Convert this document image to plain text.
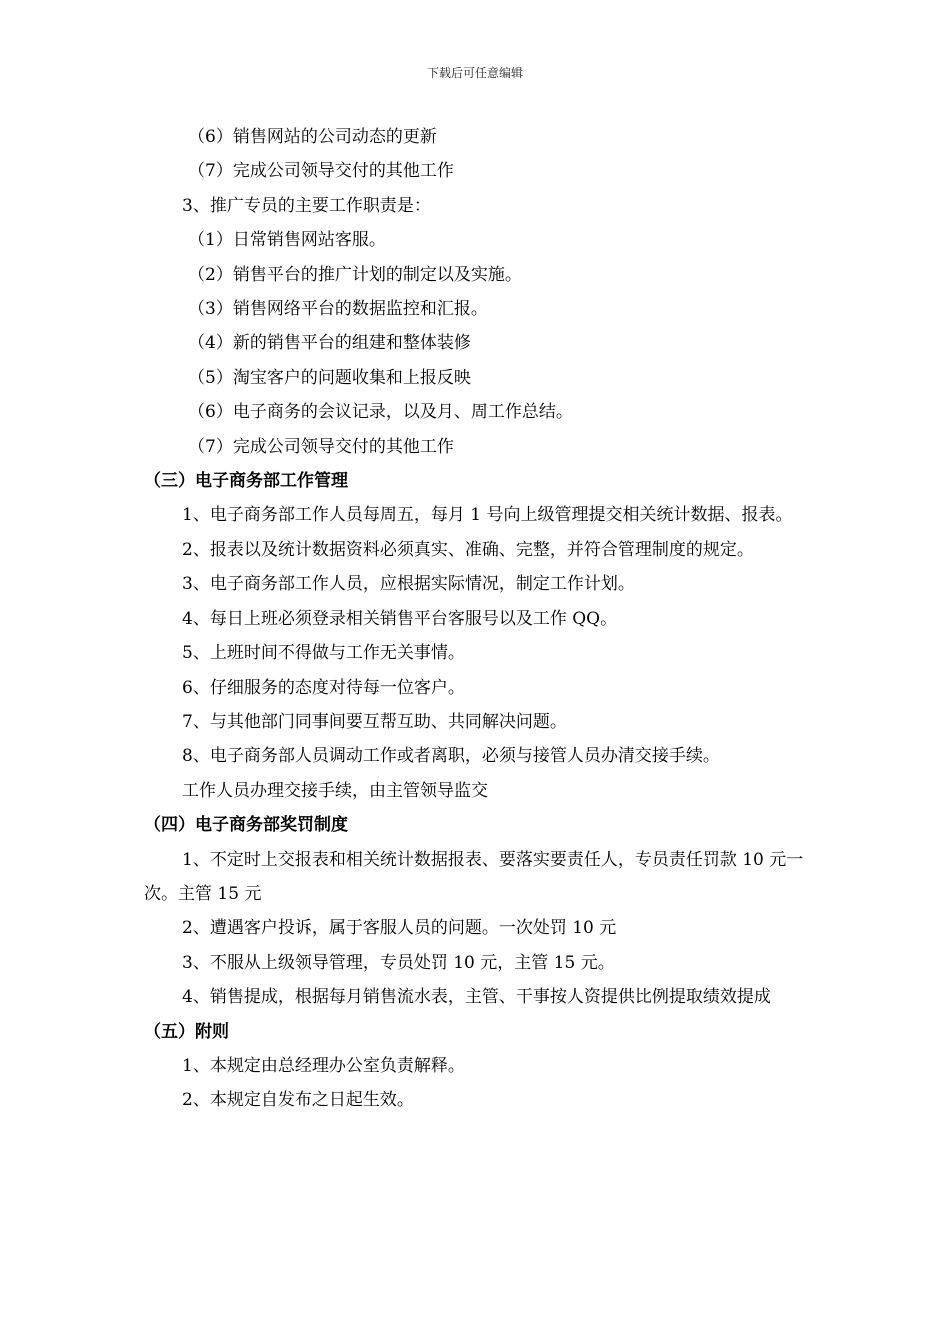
下载后可任意编辑
（6）销售网站的公司动态的更新
（7）完成公司领导交付的其他工作
3、推广专员的主要工作职责是：
（1）日常销售网站客服。
（2）销售平台的推广计划的制定以及实施。
（3）销售网络平台的数据监控和汇报。
（4）新的销售平台的组建和整体装修
（5）淘宝客户的问题收集和上报反映
（6）电子商务的会议记录，以及月、周工作总结。
（7）完成公司领导交付的其他工作
（三）电子商务部工作管理
1、电子商务部工作人员每周五，每月 1 号向上级管理提交相关统计数据、报表。
2、报表以及统计数据资料必须真实、准确、完整，并符合管理制度的规定。
3、电子商务部工作人员，应根据实际情况，制定工作计划。
4、每日上班必须登录相关销售平台客服号以及工作 QQ。
5、上班时间不得做与工作无关事情。
6、仔细服务的态度对待每一位客户。
7、与其他部门同事间要互帮互助、共同解决问题。
8、电子商务部人员调动工作或者离职，必须与接管人员办清交接手续。
工作人员办理交接手续，由主管领导监交
（四）电子商务部奖罚制度
1、不定时上交报表和相关统计数据报表、要落实要责任人，专员责任罚款 10 元一次。主管 15 元
2、遭遇客户投诉，属于客服人员的问题。一次处罚 10 元
3、不服从上级领导管理，专员处罚 10 元，主管 15 元。
4、销售提成，根据每月销售流水表，主管、干事按人资提供比例提取绩效提成
（五）附则
1、本规定由总经理办公室负责解释。
2、本规定自发布之日起生效。
